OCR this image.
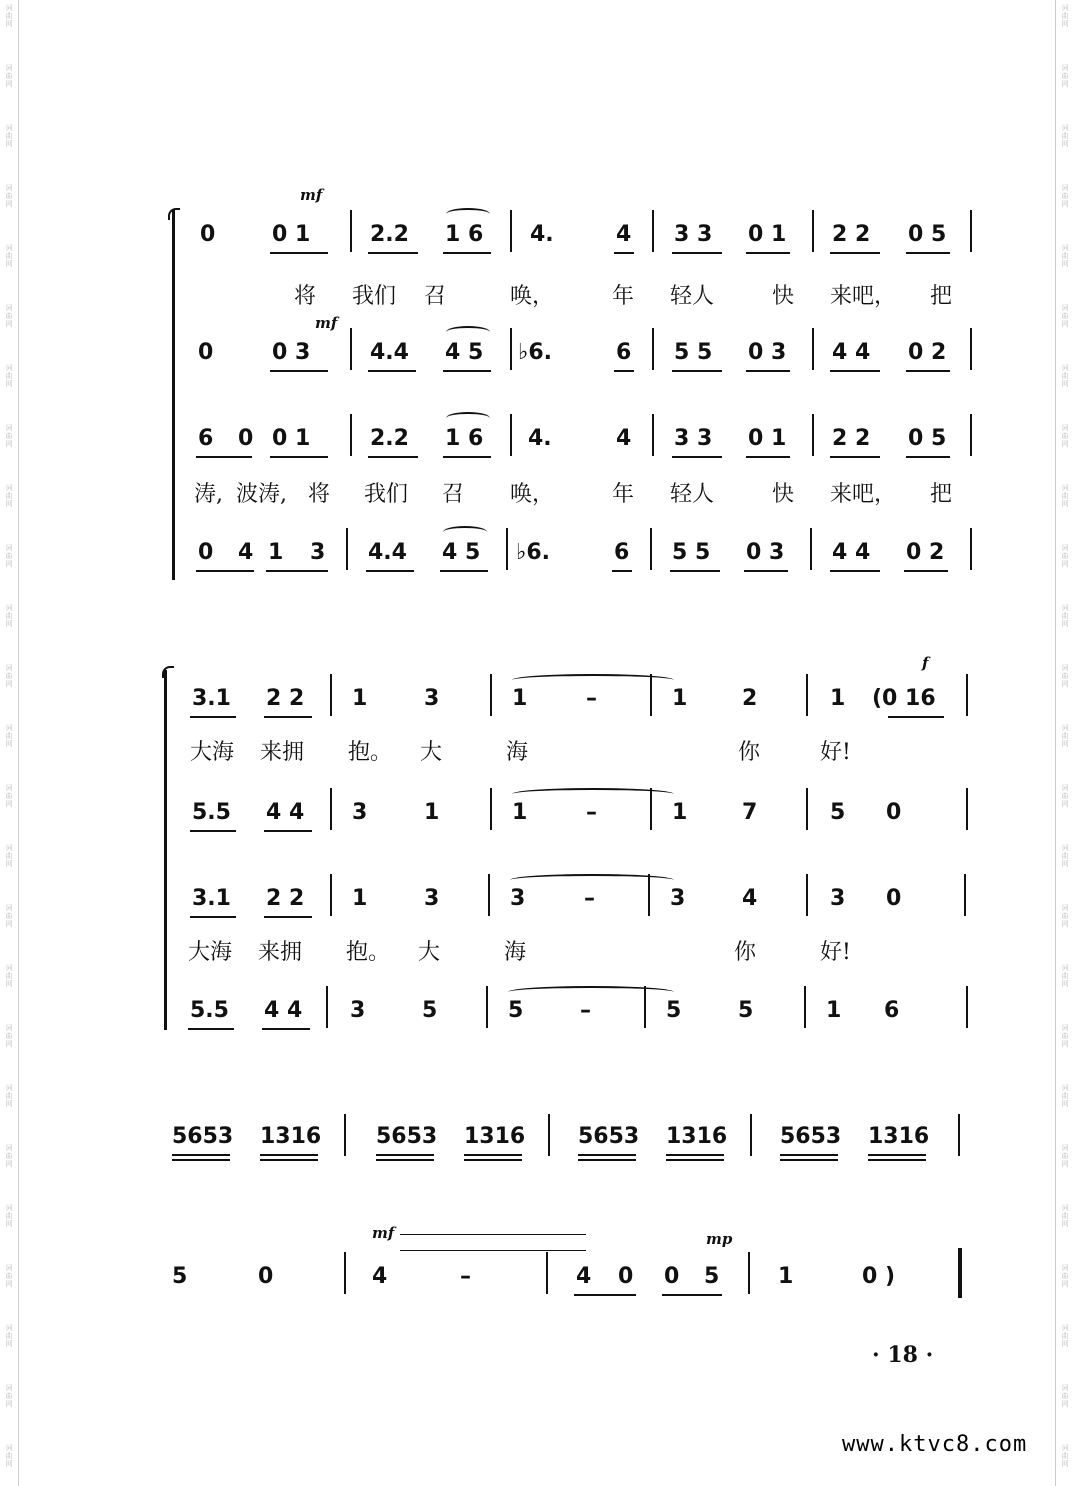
词
曲
网
词
曲
网
词
曲
网
词
曲
网
词
曲
网
词
曲
网
词
曲
网
词
曲
网
词
曲
网
词
曲
网
词
曲
网
词
曲
网
词
曲
网
词
曲
网
词
曲
网
词
曲
网
词
曲
网
词
曲
网
词
曲
网
词
曲
网
词
曲
网
词
曲
网
词
曲
网
词
曲
网
词
曲
网
词
曲
网
词
曲
网
词
曲
网
词
曲
网
词
曲
网
词
曲
网
词
曲
网
词
曲
网
词
曲
网
词
曲
网
词
曲
网
词
曲
网
词
曲
网
词
曲
网
词
曲
网
词
曲
网
词
曲
网
词
曲
网
词
曲
网
词
曲
网
词
曲
网
词
曲
网
词
曲
网
词
曲
网
词
曲
网
mf
0	0 1	2.2 1 6 4.	4 3 3 0 1 2 2 0 5
将 我们 召	唤，	年 轻人	快 来吧， 把
mf
0	0 3	4.4 4 5 ♭6.	6 5 5 0 3 4 4 0 2
6 0 0 1	2.2 1 6 4.	4 3 3 0 1 2 2 0 5
涛, 波涛, 将 我们 召 唤，	年 轻人	快 来吧， 把
0 4 1 3 4.4 4 5 ♭6.	6 5 5 0 3 4 4 0 2
f
3.1 2 2 1	3	1	–	1 2	1 (0 16
大海 来拥 抱。 大	海	你	好!
5.5 4 4 3	1	1	–	1 7	5 0
3.1 2 2 1	3	3	–	3	4	3 0
大海 来拥 抱。 大	海	你	好!
5.5 4 4 3	5	5	–	5	5	1 6
5653 1316 5653 1316 5653 1316 5653 1316
mf	mp
5	0	4	–	4 0 0 5	1	0 )
· 18 ·
www.ktvc8.com
